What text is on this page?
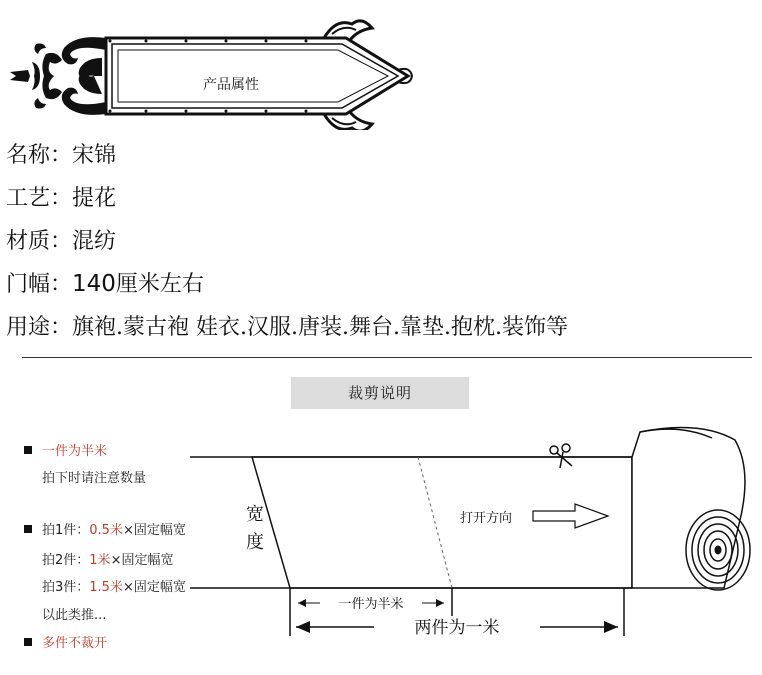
产品属性
名称：宋锦
工艺：提花
材质：混纺
门幅：140厘米左右
用途：旗袍.蒙古袍 娃衣.汉服.唐装.舞台.靠垫.抱枕.装饰等
裁剪说明
一件为半米
拍下时请注意数量
拍1件：0.5米×固定幅宽
拍2件：1米×固定幅宽
拍3件：1.5米×固定幅宽
以此类推...
多件不裁开
宽
度
打开方向
一件为半米
两件为一米
